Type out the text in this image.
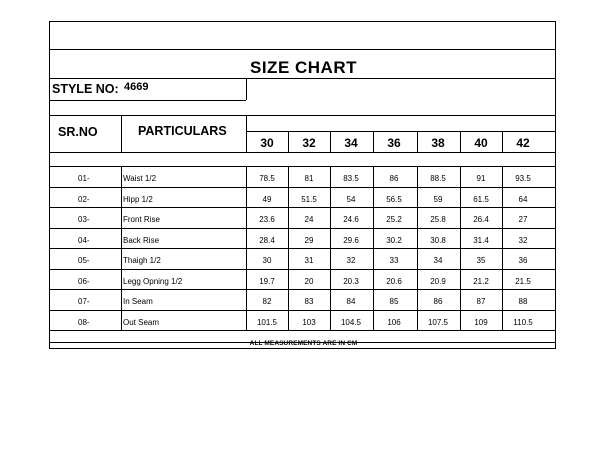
SIZE CHART
STYLE NO: 4669
SR.NO	PARTICULARS
30	32	34	36	38	40	42
01-	Waist 1/2	78.5	81	83.5	86	88.5	91	93.5
02-	Hipp 1/2	49	51.5	54	56.5	59	61.5	64
03-	Front Rise	23.6	24	24.6	25.2	25.8	26.4	27
04-	Back Rise	28.4	29	29.6	30.2	30.8	31.4	32
05-	Thaigh 1/2	30	31	32	33	34	35	36
06-	Legg Opning 1/2	19.7	20	20.3	20.6	20.9	21.2	21.5
07-	In Seam	82	83	84	85	86	87	88
08-	Out Seam	101.5	103	104.5	106	107.5	109	110.5
ALL MEASUREMENTS ARE IN CM
